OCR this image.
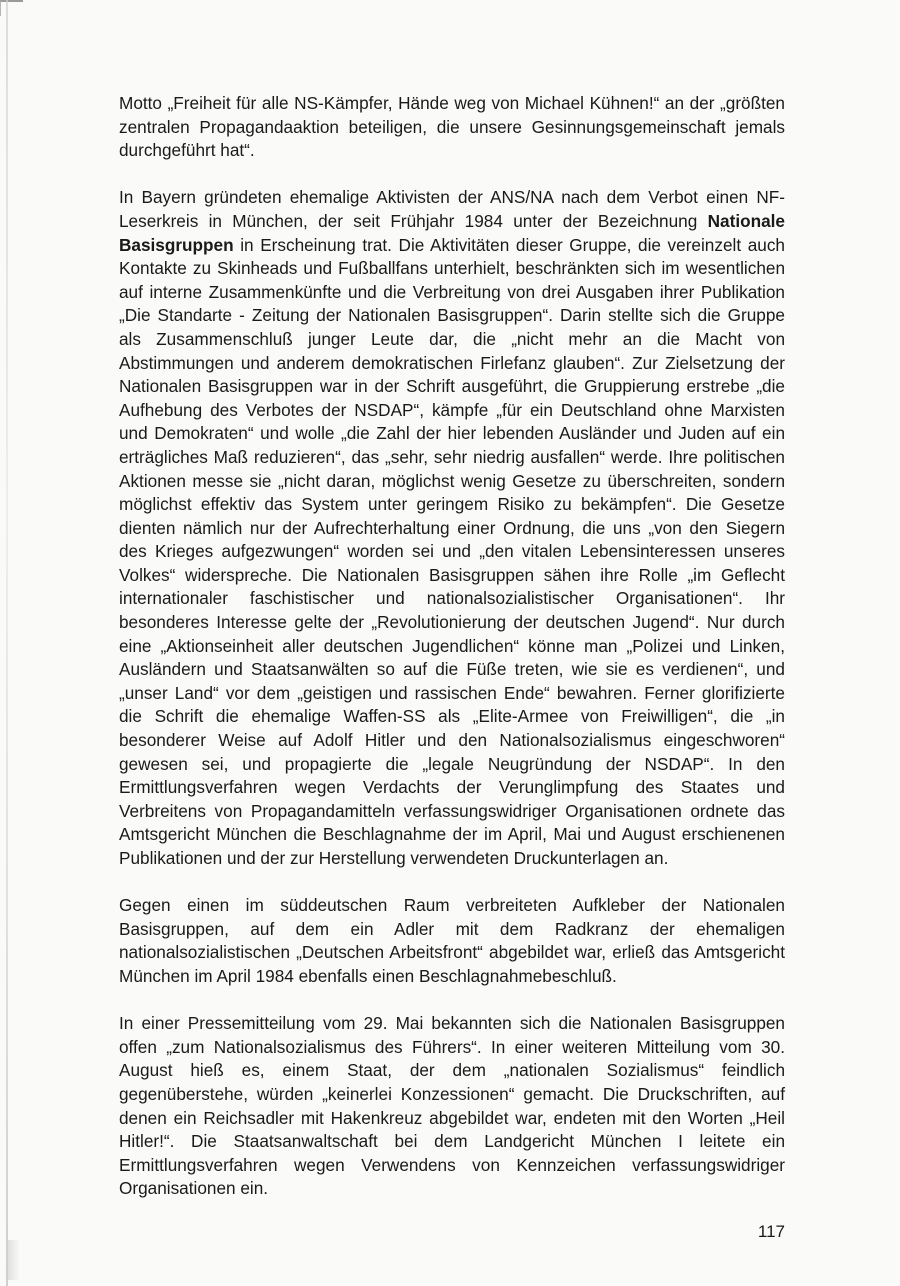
Motto „Freiheit für alle NS-Kämpfer, Hände weg von Michael Kühnen!“ an der „größten zentralen Propagandaaktion beteiligen, die unsere Gesinnungsgemeinschaft jemals durchgeführt hat“.

In Bayern gründeten ehemalige Aktivisten der ANS/NA nach dem Verbot einen NF-Leserkreis in München, der seit Frühjahr 1984 unter der Bezeichnung Nationale Basisgruppen in Erscheinung trat. Die Aktivitäten dieser Gruppe, die vereinzelt auch Kontakte zu Skinheads und Fußballfans unterhielt, beschränkten sich im wesentlichen auf interne Zusammenkünfte und die Verbreitung von drei Ausgaben ihrer Publikation „Die Standarte - Zeitung der Nationalen Basisgruppen“. Darin stellte sich die Gruppe als Zusammenschluß junger Leute dar, die „nicht mehr an die Macht von Abstimmungen und anderem demokratischen Firlefanz glauben“. Zur Zielsetzung der Nationalen Basisgruppen war in der Schrift ausgeführt, die Gruppierung erstrebe „die Aufhebung des Verbotes der NSDAP“, kämpfe „für ein Deutschland ohne Marxisten und Demokraten“ und wolle „die Zahl der hier lebenden Ausländer und Juden auf ein erträgliches Maß reduzieren“, das „sehr, sehr niedrig ausfallen“ werde. Ihre politischen Aktionen messe sie „nicht daran, möglichst wenig Gesetze zu überschreiten, sondern möglichst effektiv das System unter geringem Risiko zu bekämpfen“. Die Gesetze dienten nämlich nur der Aufrechterhaltung einer Ordnung, die uns „von den Siegern des Krieges aufgezwungen“ worden sei und „den vitalen Lebensinteressen unseres Volkes“ widerspreche. Die Nationalen Basisgruppen sähen ihre Rolle „im Geflecht internationaler faschistischer und nationalsozialistischer Organisationen“. Ihr besonderes Interesse gelte der „Revolutionierung der deutschen Jugend“. Nur durch eine „Aktionseinheit aller deutschen Jugendlichen“ könne man „Polizei und Linken, Ausländern und Staatsanwälten so auf die Füße treten, wie sie es verdienen“, und „unser Land“ vor dem „geistigen und rassischen Ende“ bewahren. Ferner glorifizierte die Schrift die ehemalige Waffen-SS als „Elite-Armee von Freiwilligen“, die „in besonderer Weise auf Adolf Hitler und den Nationalsozialismus eingeschworen“ gewesen sei, und propagierte die „legale Neugründung der NSDAP“. In den Ermittlungsverfahren wegen Verdachts der Verunglimpfung des Staates und Verbreitens von Propagandamitteln verfassungswidriger Organisationen ordnete das Amtsgericht München die Beschlagnahme der im April, Mai und August erschienenen Publikationen und der zur Herstellung verwendeten Druckunterlagen an.

Gegen einen im süddeutschen Raum verbreiteten Aufkleber der Nationalen Basisgruppen, auf dem ein Adler mit dem Radkranz der ehemaligen nationalsozialistischen „Deutschen Arbeitsfront“ abgebildet war, erließ das Amtsgericht München im April 1984 ebenfalls einen Beschlagnahmebeschluß.

In einer Pressemitteilung vom 29. Mai bekannten sich die Nationalen Basisgruppen offen „zum Nationalsozialismus des Führers“. In einer weiteren Mitteilung vom 30. August hieß es, einem Staat, der dem „nationalen Sozialismus“ feindlich gegenüberstehe, würden „keinerlei Konzessionen“ gemacht. Die Druckschriften, auf denen ein Reichsadler mit Hakenkreuz abgebildet war, endeten mit den Worten „Heil Hitler!“. Die Staatsanwaltschaft bei dem Landgericht München I leitete ein Ermittlungsverfahren wegen Verwendens von Kennzeichen verfassungswidriger Organisationen ein.

117
